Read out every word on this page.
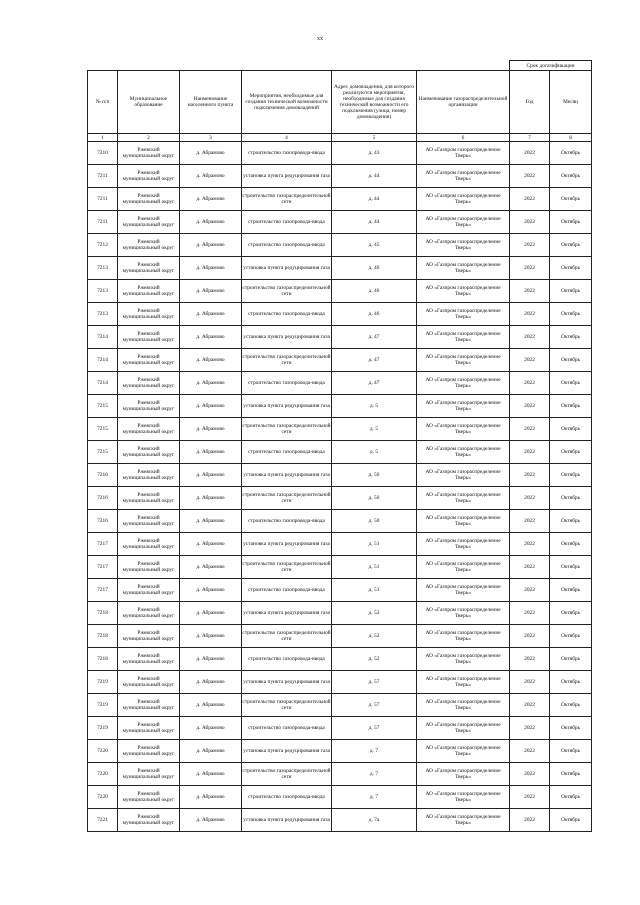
xx
						Срок догазификации	
№ п/п	Муниципальное образование	Наименование населенного пункта	Мероприятия, необходимые для создания технической возможности подключения домовладений	Адрес домовладения, для которого реализуются мероприятия, необходимые для создания технической возможности его подключения (улица, номер домовладения)	Наименование газораспределительной организации	Год	Месяц
1	2	3	4	5	6	7	8
7210	Ржевский муниципальный округ	д. Абрамово	строительство газопровода-ввода	д. 43	АО «Газпром газораспределение Тверь»	2022	Октябрь
7211	Ржевский муниципальный округ	д. Абрамово	установка пункта редуцирования газа	д. 44	АО «Газпром газораспределение Тверь»	2022	Октябрь
7211	Ржевский муниципальный округ	д. Абрамово	строительство газораспределительной сети	д. 44	АО «Газпром газораспределение Тверь»	2022	Октябрь
7211	Ржевский муниципальный округ	д. Абрамово	строительство газопровода-ввода	д. 44	АО «Газпром газораспределение Тверь»	2022	Октябрь
7212	Ржевский муниципальный округ	д. Абрамово	строительство газопровода-ввода	д. 45	АО «Газпром газораспределение Тверь»	2022	Октябрь
7213	Ржевский муниципальный округ	д. Абрамово	установка пункта редуцирования газа	д. 46	АО «Газпром газораспределение Тверь»	2022	Октябрь
7213	Ржевский муниципальный округ	д. Абрамово	строительство газораспределительной сети	д. 46	АО «Газпром газораспределение Тверь»	2022	Октябрь
7213	Ржевский муниципальный округ	д. Абрамово	строительство газопровода-ввода	д. 46	АО «Газпром газораспределение Тверь»	2022	Октябрь
7214	Ржевский муниципальный округ	д. Абрамово	установка пункта редуцирования газа	д. 47	АО «Газпром газораспределение Тверь»	2022	Октябрь
7214	Ржевский муниципальный округ	д. Абрамово	строительство газораспределительной сети	д. 47	АО «Газпром газораспределение Тверь»	2022	Октябрь
7214	Ржевский муниципальный округ	д. Абрамово	строительство газопровода-ввода	д. 47	АО «Газпром газораспределение Тверь»	2022	Октябрь
7215	Ржевский муниципальный округ	д. Абрамово	установка пункта редуцирования газа	д. 5	АО «Газпром газораспределение Тверь»	2022	Октябрь
7215	Ржевский муниципальный округ	д. Абрамово	строительство газораспределительной сети	д. 5	АО «Газпром газораспределение Тверь»	2022	Октябрь
7215	Ржевский муниципальный округ	д. Абрамово	строительство газопровода-ввода	д. 5	АО «Газпром газораспределение Тверь»	2022	Октябрь
7216	Ржевский муниципальный округ	д. Абрамово	установка пункта редуцирования газа	д. 50	АО «Газпром газораспределение Тверь»	2022	Октябрь
7216	Ржевский муниципальный округ	д. Абрамово	строительство газораспределительной сети	д. 50	АО «Газпром газораспределение Тверь»	2022	Октябрь
7216	Ржевский муниципальный округ	д. Абрамово	строительство газопровода-ввода	д. 50	АО «Газпром газораспределение Тверь»	2022	Октябрь
7217	Ржевский муниципальный округ	д. Абрамово	установка пункта редуцирования газа	д. 51	АО «Газпром газораспределение Тверь»	2022	Октябрь
7217	Ржевский муниципальный округ	д. Абрамово	строительство газораспределительной сети	д. 51	АО «Газпром газораспределение Тверь»	2022	Октябрь
7217	Ржевский муниципальный округ	д. Абрамово	строительство газопровода-ввода	д. 51	АО «Газпром газораспределение Тверь»	2022	Октябрь
7218	Ржевский муниципальный округ	д. Абрамово	установка пункта редуцирования газа	д. 52	АО «Газпром газораспределение Тверь»	2022	Октябрь
7218	Ржевский муниципальный округ	д. Абрамово	строительство газораспределительной сети	д. 52	АО «Газпром газораспределение Тверь»	2022	Октябрь
7218	Ржевский муниципальный округ	д. Абрамово	строительство газопровода-ввода	д. 52	АО «Газпром газораспределение Тверь»	2022	Октябрь
7219	Ржевский муниципальный округ	д. Абрамово	установка пункта редуцирования газа	д. 57	АО «Газпром газораспределение Тверь»	2022	Октябрь
7219	Ржевский муниципальный округ	д. Абрамово	строительство газораспределительной сети	д. 57	АО «Газпром газораспределение Тверь»	2022	Октябрь
7219	Ржевский муниципальный округ	д. Абрамово	строительство газопровода-ввода	д. 57	АО «Газпром газораспределение Тверь»	2022	Октябрь
7220	Ржевский муниципальный округ	д. Абрамово	установка пункта редуцирования газа	д. 7	АО «Газпром газораспределение Тверь»	2022	Октябрь
7220	Ржевский муниципальный округ	д. Абрамово	строительство газораспределительной сети	д. 7	АО «Газпром газораспределение Тверь»	2022	Октябрь
7220	Ржевский муниципальный округ	д. Абрамово	строительство газопровода-ввода	д. 7	АО «Газпром газораспределение Тверь»	2022	Октябрь
7221	Ржевский муниципальный округ	д. Абрамово	установка пункта редуцирования газа	д. 7а	АО «Газпром газораспределение Тверь»	2022	Октябрь
